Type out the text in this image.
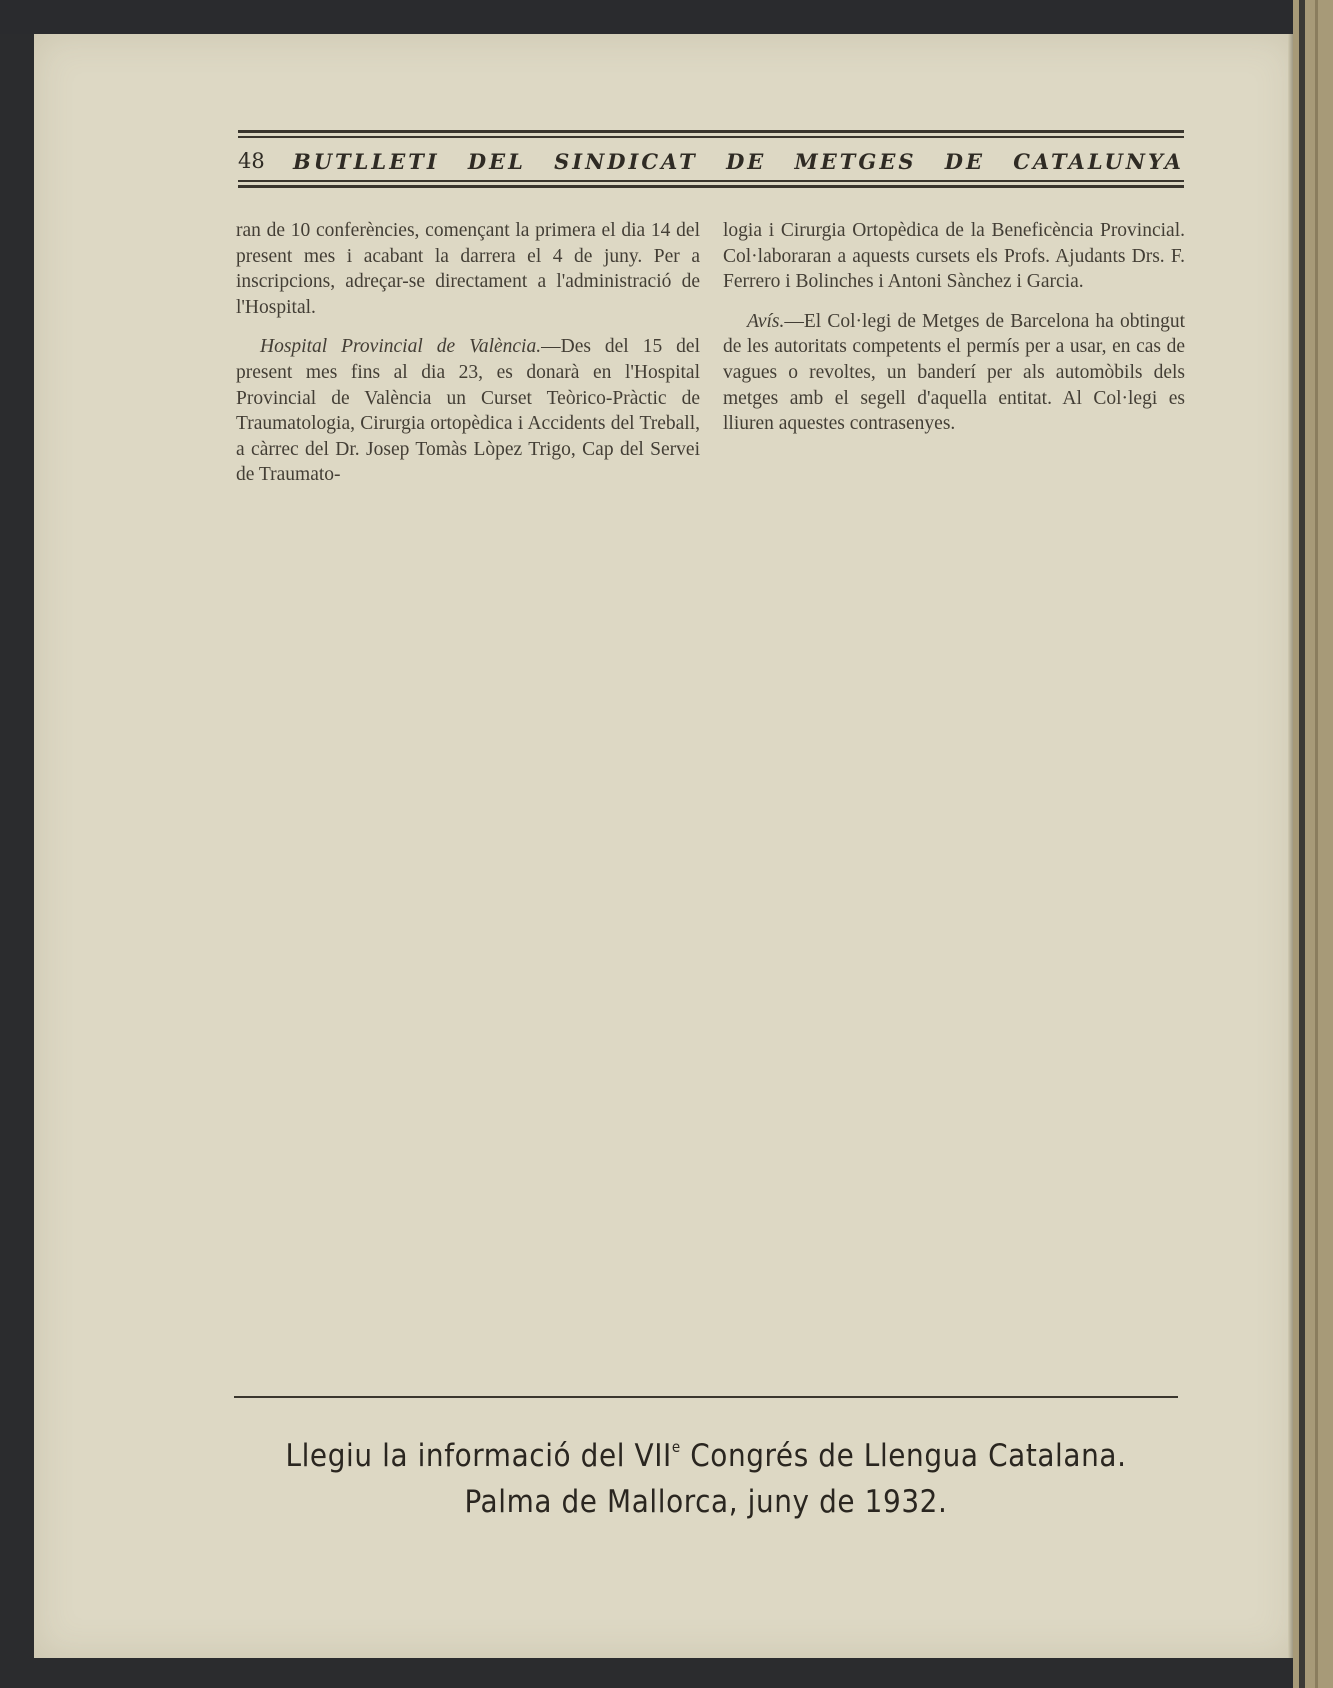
48 BUTLLETI DEL SINDICAT DE METGES DE CATALUNYA

ran de 10 conferències, començant la primera el dia 14 del present mes i acabant la darrera el 4 de juny. Per a inscripcions, adreçar-se directament a l'administració de l'Hospital.

Hospital Provincial de València.—Des del 15 del present mes fins al dia 23, es donarà en l'Hospital Provincial de València un Curset Teòrico-Pràctic de Traumatologia, Cirurgia ortopèdica i Accidents del Treball, a càrrec del Dr. Josep Tomàs Lòpez Trigo, Cap del Servei de Traumato-

logia i Cirurgia Ortopèdica de la Beneficència Provincial. Col·laboraran a aquests cursets els Profs. Ajudants Drs. F. Ferrero i Bolinches i Antoni Sànchez i Garcia.

Avís.—El Col·legi de Metges de Barcelona ha obtingut de les autoritats competents el permís per a usar, en cas de vagues o revoltes, un banderí per als automòbils dels metges amb el segell d'aquella entitat. Al Col·legi es lliuren aquestes contrasenyes.

Llegiu la informació del VIIe Congrés de Llengua Catalana.
Palma de Mallorca, juny de 1932.
